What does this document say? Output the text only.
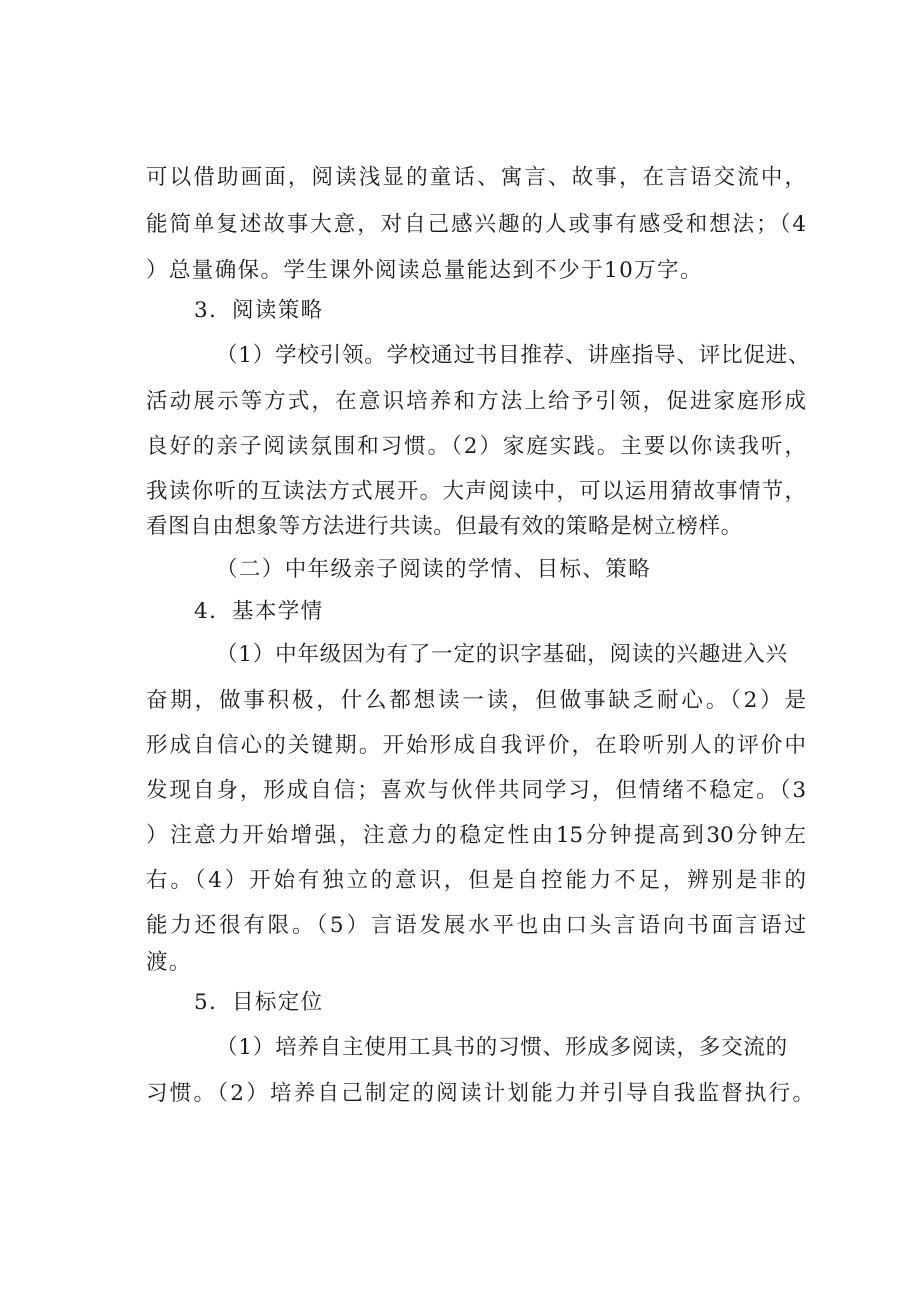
可以借助画面，阅读浅显的童话、寓言、故事，在言语交流中，
能简单复述故事大意，对自己感兴趣的人或事有感受和想法；（4
）总量确保。学生课外阅读总量能达到不少于10万字。
3．阅读策略
（1）学校引领。学校通过书目推荐、讲座指导、评比促进、
活动展示等方式，在意识培养和方法上给予引领，促进家庭形成
良好的亲子阅读氛围和习惯。（2）家庭实践。主要以你读我听，
我读你听的互读法方式展开。大声阅读中，可以运用猜故事情节，
看图自由想象等方法进行共读。但最有效的策略是树立榜样。
（二）中年级亲子阅读的学情、目标、策略
4．基本学情
（1）中年级因为有了一定的识字基础，阅读的兴趣进入兴
奋期，做事积极，什么都想读一读，但做事缺乏耐心。（2）是
形成自信心的关键期。开始形成自我评价，在聆听别人的评价中
发现自身，形成自信；喜欢与伙伴共同学习，但情绪不稳定。（3
）注意力开始增强，注意力的稳定性由15分钟提高到30分钟左
右。（4）开始有独立的意识，但是自控能力不足，辨别是非的
能力还很有限。（5）言语发展水平也由口头言语向书面言语过
渡。
5．目标定位
（1）培养自主使用工具书的习惯、形成多阅读，多交流的
习惯。（2）培养自己制定的阅读计划能力并引导自我监督执行。
